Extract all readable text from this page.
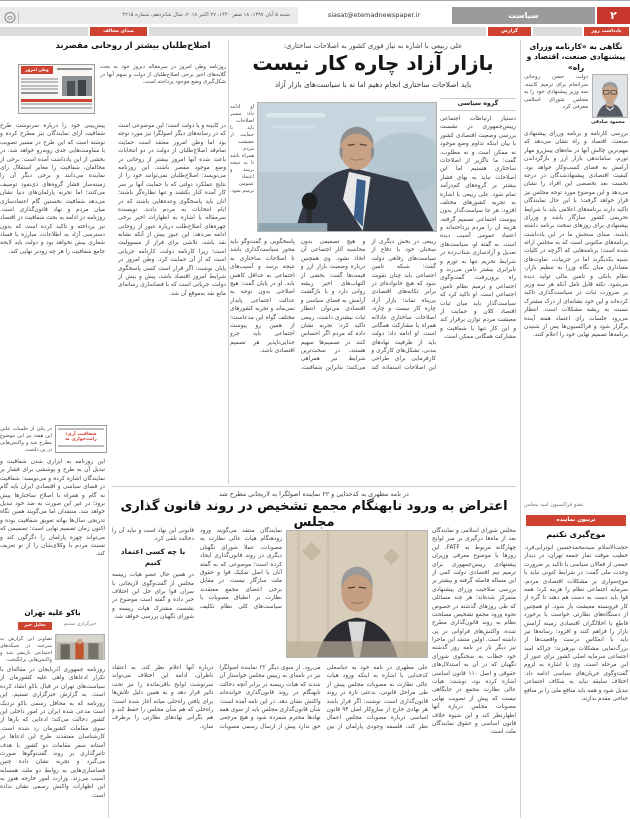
۲
سیاست
siasat@etemadnewspaper.ir
شنبه ۵ آبان ۱۳۹۷، ۱۸ صفر ۱۴۴۰، ۲۷ اکتبر ۲۰۱۸، سال شانزدهم، شماره ۴۲۱۵
صدای مخالف	گزارش	یادداشت روز
نگاهی به «کارنامه وزرای پیشنهادی صنعت، اقتصاد و راه»
محمود صادقی
دولت حسن روحانی سرانجام برای ترمیم کابینه، سه وزیر پیشنهادی خود را به مجلس شورای اسلامی معرفی کرد.
بررسی کارنامه و برنامه وزرای پیشنهادی صنعت، اقتصاد و راه نشان می‌دهد که مهم‌ترین چالش آنها در ماه‌های پیش‌رو مهار تورم، ساماندهی بازار ارز و بازگرداندن آرامش به فضای کسب‌وکار خواهد بود. کیفیت اقتصادی پیشنهادشدگان در درجه نخست بعد تخصصی این افراد را نشان می‌دهد و این موضوع مورد توجه مجلس نیز قرار خواهد گرفت؛ با این حال نمایندگان تاکید دارند برنامه‌های اعلامی باید با شرایط تحریمی کشور سازگار باشد و وزرای پیشنهادی برای روزهای سخت برنامه داشته باشند. مبنای سنجش ما در این یادداشت برنامه‌های مکتوبی است که به مجلس ارائه شده است؛ برنامه‌هایی که اگرچه در کلیات شبیه یکدیگرند اما در جزییات، تفاوت‌های معناداری میان نگاه وزرا به تنظیم بازار، نظام بانکی و تامین مالی تولید دیده می‌شود. نکته قابل تامل آنکه هر سه وزیر بر ضرورت ثبات در سیاست‌گذاری تاکید کرده‌اند و این خود نشانه‌ای از درک مشترک نسبت به ریشه مشکلات است. انتظار می‌رود جلسات رای اعتماد هفته آینده برگزار شود و فراکسیون‌ها پس از شنیدن برنامه‌ها تصمیم نهایی خود را اعلام کنند.
عضو فراکسیون امید مجلس
تریبون نماینده
موج‌گیری نکنیم
حجت‌الاسلام سیدمحمدحسین ابوترابی‌فرد، خطیب موقت نماز جمعه تهران، در دیدار جمعی از فعالان سیاسی با تاکید بر ضرورت وحدت ملی گفت: در شرایط کنونی نباید با موج‌سواری بر مشکلات اقتصادی مردم، سرمایه اجتماعی نظام را هزینه کرد؛ همه قوا باید دست به دست هم دهند تا گره از کار فروبسته معیشت باز شود. او همچنین از دستگاه‌های نظارتی خواست با برخورد قاطع با اخلالگران اقتصادی زمینه آرامش بازار را فراهم کنند و افزود: رسانه‌ها نیز باید با انعکاس درست واقعیت‌ها از بزرگ‌نمایی مشکلات بپرهیزند؛ چراکه امید اجتماعی سرمایه اصلی کشور برای عبور از این مرحله است. وی با اشاره به لزوم گفت‌وگوی جریان‌های سیاسی ادامه داد: اختلاف سلیقه نباید به شکاف اجتماعی تبدیل شود و همه باید منافع ملی را بر منافع جناحی مقدم بدارند.
علی ربیعی با اشاره به نیاز فوری کشور به اصلاحات ساختاری:
بازار آزاد چاره کار نیست
باید اصلاحات ساختاری انجام دهیم اما نه با سیاست‌های بازار آزاد
گروه سیاسی
دستیار ارتباطات اجتماعی رییس‌جمهوری در نشست بررسی وضعیت اقتصادی کشور با بیان اینکه تداوم وضع موجود نه ممکن است و نه مطلوب، گفت: ما ناگزیر از اصلاحات ساختاری هستیم اما این اصلاحات نباید به بهای فشار بیشتر بر گروه‌های کم‌درآمد تمام شود. علی ربیعی با اشاره به تجربه کشورهای مختلف افزود: هر جا سیاست‌گذار بدون پیوست اجتماعی تصمیم گرفته، هزینه آن را مردم پرداخته‌اند و اعتماد عمومی آسیب دیده است. به گفته او، سیاست‌های تعدیل و آزادسازی شتاب‌زده در شرایط تحریم تنها به تورم و نابرابری بیشتر دامن می‌زند و راه برون‌رفت، گفت‌وگوی اجتماعی و ترمیم نظام تامین اجتماعی است. او تاکید کرد که سیاست‌گذار باید میان ثبات اقتصاد کلان و حمایت از معیشت مردم توازن برقرار کند و این کار تنها با شفافیت و مشارکت همگانی ممکن است.
او ادامه داد: مسیر اصلاحات باید با حمایت از معیشت مردم همراه باشد تا به نتیجه برسد و اعتماد عمومی ترمیم شود.
ربیعی در بخش دیگری از سخنان خود با دفاع از سیاست‌های رفاهی دولت گفت: شبکه تامین اجتماعی باید چنان تقویت شود که هیچ خانواده‌ای در برابر تکانه‌های اقتصادی بی‌پناه نماند؛ بازار آزاد چاره کار نیست و چاره، اصلاحات ساختاری عادلانه همراه با مشارکت همگانی است. او ادامه داد: دولت باید از ظرفیت نهادهای مدنی، تشکل‌های کارگری و کارفرمایی برای طراحی این اصلاحات استفاده کند و هیچ تصمیمی بدون محاسبه آثار اجتماعی آن اتخاذ نشود. وی همچنین درباره وضعیت بازار ارز و قیمت‌ها گفت: بخشی از التهاب‌های اخیر ریشه روانی دارد و با بازگشت آرامش به فضای سیاسی و اقتصادی می‌توان انتظار ثبات بیشتری داشت. ربیعی تاکید کرد: تجربه نشان داده که مردم اگر احساس کنند در تصمیم‌ها سهیم هستند، در سخت‌ترین شرایط نیز همراهی می‌کنند؛ بنابراین شفافیت، پاسخگویی و گفت‌وگو باید محور سیاست‌گذاری باشد تا اصلاحات ساختاری به نتیجه برسد و آسیب‌های اجتماعی به حداقل کاهش یابد. او در پایان گفت: هیچ اصلاحی بدون توجه به عدالت اجتماعی پایدار نمی‌ماند و تجربه کشورهای مختلف گواه این مدعاست؛ از همین رو پیوست اجتماعی باید جزو جدایی‌ناپذیر هر تصمیم اقتصادی باشد.
در نامه مطهری به کدخدایی و ۲۲ نماینده اصولگرا به لاریجانی مطرح شد
اعتراض به ورود نابهنگام مجمع تشخیص در روند قانون گذاری مجلس
مجلس شورای اسلامی و نمایندگان بعد از ماه‌ها درگیری بر سر لوایح چهارگانه مربوط به FATF، این روزها با موضوع معرفی وزیران پیشنهادی رییس‌جمهوری برای ترمیم تیم اقتصادی دولت کمی از این مساله فاصله گرفته و بیشتر بر بررسی صلاحیت وزرای پیشنهادی متمرکز شده‌اند؛ هر چند مسائلی که طی روزهای گذشته در خصوص نحوه ورود مجمع تشخیص مصلحت نظام به روند قانون‌گذاری مطرح شده، واکنش‌های فراوانی در پی داشته است. اولین منتقد این ماجرا نیز دیگر بار در نامه روز گذشته خود خطاب به سخنگوی شورای نگهبان که در آن به استدلال‌های حقوقی و اصل ۱۱۰ قانون اساسی اشاره کرده بود، نوشت: هیات عالی نظارت مجمع در جایگاهی نیست که پیش از تصویب نهایی مصوبات مجلس درباره آنها اظهارنظر کند و این شیوه خلاف قانون اساسی و حقوق نمایندگان ملت است.
نمایندگان منتقد می‌گویند ورود زودهنگام هیات عالی نظارت به مصوبات، عملا شورای نگهبان دیگری در روند قانون‌گذاری ایجاد کرده است؛ موضوعی که به گفته آنان با اصل تفکیک قوا و حقوق ملت سازگار نیست. در مقابل برخی اعضای مجمع معتقدند نظارت بر انطباق مصوبات با سیاست‌های کلی نظام تکلیف قانونی این نهاد است و نباید آن را دخالت تلقی کرد.
با چه کسی اعتماد کنیم
در همین حال عضو هیات رییسه مجلس از گفت‌وگوی لاریجانی با سران قوا برای حل این اختلاف خبر داده و گفته است موضوع در نشست مشترک هیات رییسه و شورای نگهبان بررسی خواهد شد.
علی مطهری در نامه خود به عباسعلی کدخدایی با اشاره به اینکه ورود هیات عالی نظارت به مصوبات مجلس پیش از طی مراحل قانونی، بدعتی تازه در روند قانون‌گذاری است، نوشت: اگر قرار باشد هر نهادی خارج از سازوکار اصل ۹۴ قانون اساسی درباره مصوبات مجلس اعمال نظر کند، فلسفه وجودی پارلمان از بین می‌رود. از سوی دیگر ۲۲ نماینده اصولگرا نیز در نامه‌ای به رییس مجلس خواستار آن شدند که هیات رییسه در برابر آنچه دخالت نابهنگام در روند قانون‌گذاری خوانده‌اند واکنش نشان دهد. در این نامه آمده است: شأن قانون‌گذاری مجلس باید از سوی همه نهادها محترم شمرده شود و هیچ مرجعی حق ندارد پیش از ارسال رسمی مصوبات درباره آنها اعلام نظر کند. به اعتقاد ناظران، ادامه این اختلاف می‌تواند سرنوشت لوایح باقی‌مانده را نیز تحت تاثیر قرار دهد و به همین دلیل تلاش‌ها برای یافتن راه‌حلی میانه آغاز شده است؛ راه‌حلی که هم شأن مجلس را حفظ کند و هم نگرانی نهادهای نظارتی را برطرف سازد.
اصلاح‌طلبان بیشتر از روحانی مقصرند
وطن امروز	روزنامه وطن امروز در سرمقاله دیروز خود به بحث گلایه‌های اخیر برخی اصلاح‌طلبان از دولت و سهم آنها در شکل‌گیری وضع موجود پرداخته است.
در کابینه و یا دولت است؛ این موضوعی است که در رسانه‌های دیگر اصولگرا نیز مورد توجه بود اما وطن امروز معتقد است حمایت تمام‌قد اصلاح‌طلبان از دولت در دو انتخابات باعث شده آنها امروز بیشتر از روحانی در وضع موجود مقصر باشند. این روزنامه می‌نویسد: اصلاح‌طلبان نمی‌توانند خود را از نتایج عملکرد دولتی که با حمایت آنها بر سر کار آمده کنار بکشند و تنها نظاره‌گر باشند؛ آنان باید پاسخگوی وعده‌هایی باشند که در ایام انتخابات به مردم دادند. نویسنده سرمقاله با اشاره به اظهارات اخیر برخی چهره‌های اصلاح‌طلب درباره عبور از روحانی ادامه می‌دهد: این عبور بیش از آنکه نشانه نقد باشد، تلاشی برای فرار از مسوولیت است؛ زیرا کارنامه دولت، کارنامه جریانی است که از آن حمایت کرد. وطن امروز در پایان نوشت: اگر قرار است کسی پاسخگوی شرایط امروز اقتصاد باشد، پیش و بیش از دولت، جریانی است که با فضاسازی رسانه‌ای مانع نقد به‌موقع آن شد.
پیش‌بینی خود را درباره سرنوشت طرح شفافیت آرای نمایندگان نیز مطرح کرده و نوشته است که این طرح در مسیر تصویب با مقاومت‌هایی جدی روبه‌رو خواهد شد. در بخشی از این یادداشت آمده است: برخی از مخالفان، شفافیت را مغایر استقلال رای نماینده می‌دانند و برخی دیگر آن را زمینه‌ساز فشار گروه‌های ذی‌نفوذ توصیف می‌کنند؛ اما تجربه پارلمان‌های دنیا نشان می‌دهد شفافیت نخستین گام اعتمادسازی میان مردم و نهاد قانون‌گذاری است. روزنامه در ادامه به بحث شفافیت در اقتصاد نیز پرداخته و تاکید کرده است که بدون دسترسی آزاد به اطلاعات، مبارزه با فساد شعاری بیش نخواهد بود و دولت باید لایحه جامع شفافیت را هر چه زودتر نهایی کند.
در یکی از جلسات علنی این هفته نیز این موضوع مطرح شد و واکنش‌هایی در پی داشت.
شفافیت آری؛
رانت‌خواری نه
این روزنامه به ابزاری شدن شفافیت و تبدیل آن به طرح و پوششی برای فشار بر نمایندگان اشاره کرده و می‌نویسد: شفافیت در فضای سیاسی و اقتصادی ایران باید گام به گام و همراه با اصلاح ساختارها پیش برود؛ در غیر این صورت به ضد خود تبدیل خواهد شد. منتقدان اما می‌گویند همین نگاه تدریجی سال‌ها بهانه تعویق شفافیت بوده و اکنون زمان تصمیم نهایی است؛ تصمیمی که می‌تواند چهره پارلمان را دگرگون کند و نسبت مردم با وکلای‌شان را از نو تعریف کند.
باکو علیه تهران
خبرگزاری تسنیم
تحلیل خبر
تصاویر این گزارش به سرعت در شبکه‌های اجتماعی بازنشر شد و واکنش‌هایی برانگیخت.
روزنامه جمهوری آذربایجان در مقاله‌ای با تکرار ادعاهای واهی علیه کشورمان از سیاست‌های تهران در قبال باکو انتقاد کرده است. به گزارش خبرگزاری تسنیم، این روزنامه که به محافل رسمی باکو نزدیک است مدعی شده ایران در امور داخلی این کشور دخالت می‌کند؛ ادعایی که بارها از سوی مقامات کشورمان رد شده است. کارشناسان معتقدند طرح این ادعاها در آستانه سفر مقامات دو کشور با هدف تاثیرگذاری بر روند گفت‌وگوها صورت می‌گیرد و تجربه نشان داده چنین فضاسازی‌هایی به روابط دو ملت همسایه آسیب می‌زند. وزارت امور خارجه هنوز به این اظهارات واکنش رسمی نشان نداده است.
